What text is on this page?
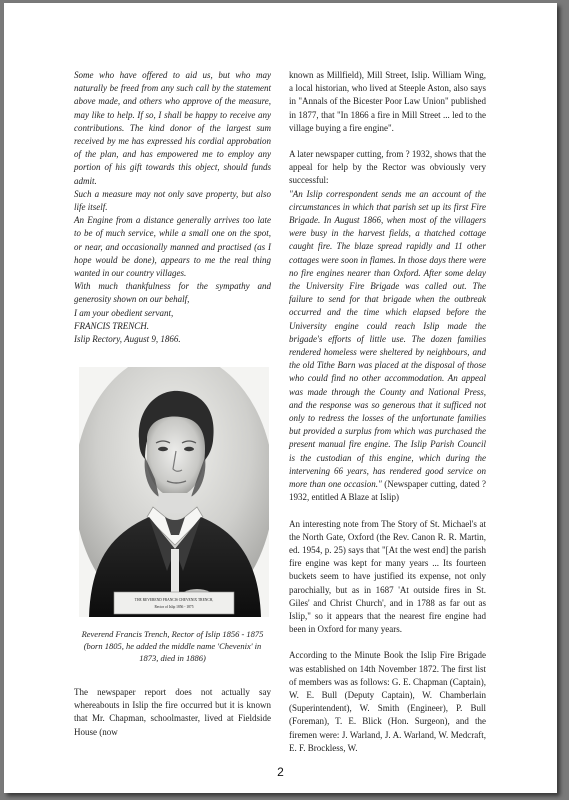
Some who have offered to aid us, but who may naturally be freed from any such call by the statement above made, and others who approve of the measure, may like to help. If so, I shall be happy to receive any contributions. The kind donor of the largest sum received by me has expressed his cordial approbation of the plan, and has empowered me to employ any portion of his gift towards this object, should funds admit.

Such a measure may not only save property, but also life itself.

An Engine from a distance generally arrives too late to be of much service, while a small one on the spot, or near, and occasionally manned and practised (as I hope would be done), appears to me the real thing wanted in our country villages.

With much thankfulness for the sympathy and generosity shown on our behalf,

I am your obedient servant,

FRANCIS TRENCH.

Islip Rectory, August 9, 1866.

THE REVEREND FRANCIS CHEVENIX TRENCH,
Rector of Islip 1856 - 1875
Reverend Francis Trench, Rector of Islip 1856 - 1875 (born 1805, he added the middle name 'Chevenix' in 1873, died in 1886)
The newspaper report does not actually say whereabouts in Islip the fire occurred but it is known that Mr. Chapman, schoolmaster, lived at Fieldside House (now

known as Millfield), Mill Street, Islip. William Wing, a local historian, who lived at Steeple Aston, also says in "Annals of the Bicester Poor Law Union" published in 1877, that "In 1866 a fire in Mill Street ... led to the village buying a fire engine".

A later newspaper cutting, from ? 1932, shows that the appeal for help by the Rector was obviously very successful:

"An Islip correspondent sends me an account of the circumstances in which that parish set up its first Fire Brigade. In August 1866, when most of the villagers were busy in the harvest fields, a thatched cottage caught fire. The blaze spread rapidly and 11 other cottages were soon in flames. In those days there were no fire engines nearer than Oxford. After some delay the University Fire Brigade was called out. The failure to send for that brigade when the outbreak occurred and the time which elapsed before the University engine could reach Islip made the brigade's efforts of little use. The dozen families rendered homeless were sheltered by neighbours, and the old Tithe Barn was placed at the disposal of those who could find no other accommodation. An appeal was made through the County and National Press, and the response was so generous that it sufficed not only to redress the losses of the unfortunate families but provided a surplus from which was purchased the present manual fire engine. The Islip Parish Council is the custodian of this engine, which during the intervening 66 years, has rendered good service on more than one occasion." (Newspaper cutting, dated ? 1932, entitled A Blaze at Islip)

An interesting note from The Story of St. Michael's at the North Gate, Oxford (the Rev. Canon R. R. Martin, ed. 1954, p. 25) says that "[At the west end] the parish fire engine was kept for many years ... Its fourteen buckets seem to have justified its expense, not only parochially, but as in 1687 'At outside fires in St. Giles' and Christ Church', and in 1788 as far out as Islip," so it appears that the nearest fire engine had been in Oxford for many years.

According to the Minute Book the Islip Fire Brigade was established on 14th November 1872. The first list of members was as follows: G. E. Chapman (Captain), W. E. Bull (Deputy Captain), W. Chamberlain (Superintendent), W. Smith (Engineer), P. Bull (Foreman), T. E. Blick (Hon. Surgeon), and the firemen were: J. Warland, J. A. Warland, W. Medcraft, E. F. Brockless, W.

2
